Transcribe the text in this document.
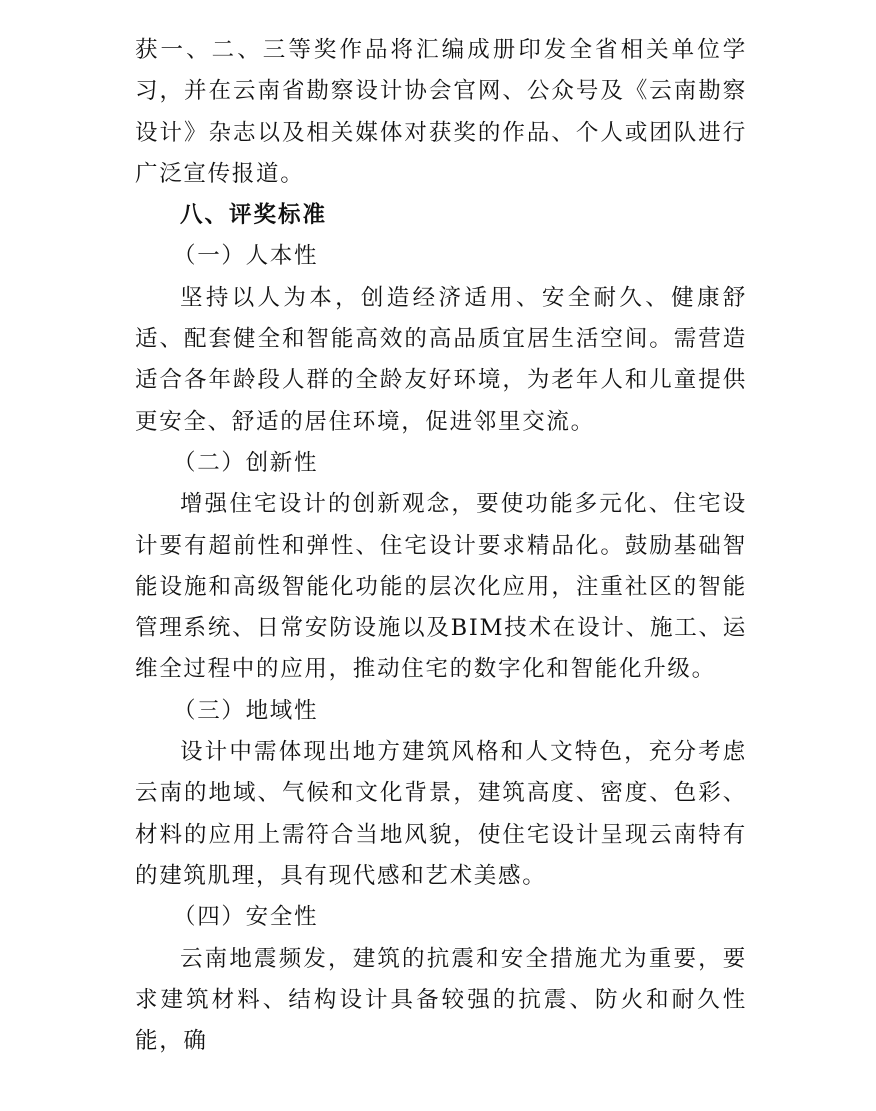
获一、二、三等奖作品将汇编成册印发全省相关单位学习，并在云南省勘察设计协会官网、公众号及《云南勘察设计》杂志以及相关媒体对获奖的作品、个人或团队进行广泛宣传报道。

八、评奖标准

（一）人本性

坚持以人为本，创造经济适用、安全耐久、健康舒适、配套健全和智能高效的高品质宜居生活空间。需营造适合各年龄段人群的全龄友好环境，为老年人和儿童提供更安全、舒适的居住环境，促进邻里交流。

（二）创新性

增强住宅设计的创新观念，要使功能多元化、住宅设计要有超前性和弹性、住宅设计要求精品化。鼓励基础智能设施和高级智能化功能的层次化应用，注重社区的智能管理系统、日常安防设施以及BIM技术在设计、施工、运维全过程中的应用，推动住宅的数字化和智能化升级。

（三）地域性

设计中需体现出地方建筑风格和人文特色，充分考虑云南的地域、气候和文化背景，建筑高度、密度、色彩、材料的应用上需符合当地风貌，使住宅设计呈现云南特有的建筑肌理，具有现代感和艺术美感。

（四）安全性

云南地震频发，建筑的抗震和安全措施尤为重要，要求建筑材料、结构设计具备较强的抗震、防火和耐久性能，确
